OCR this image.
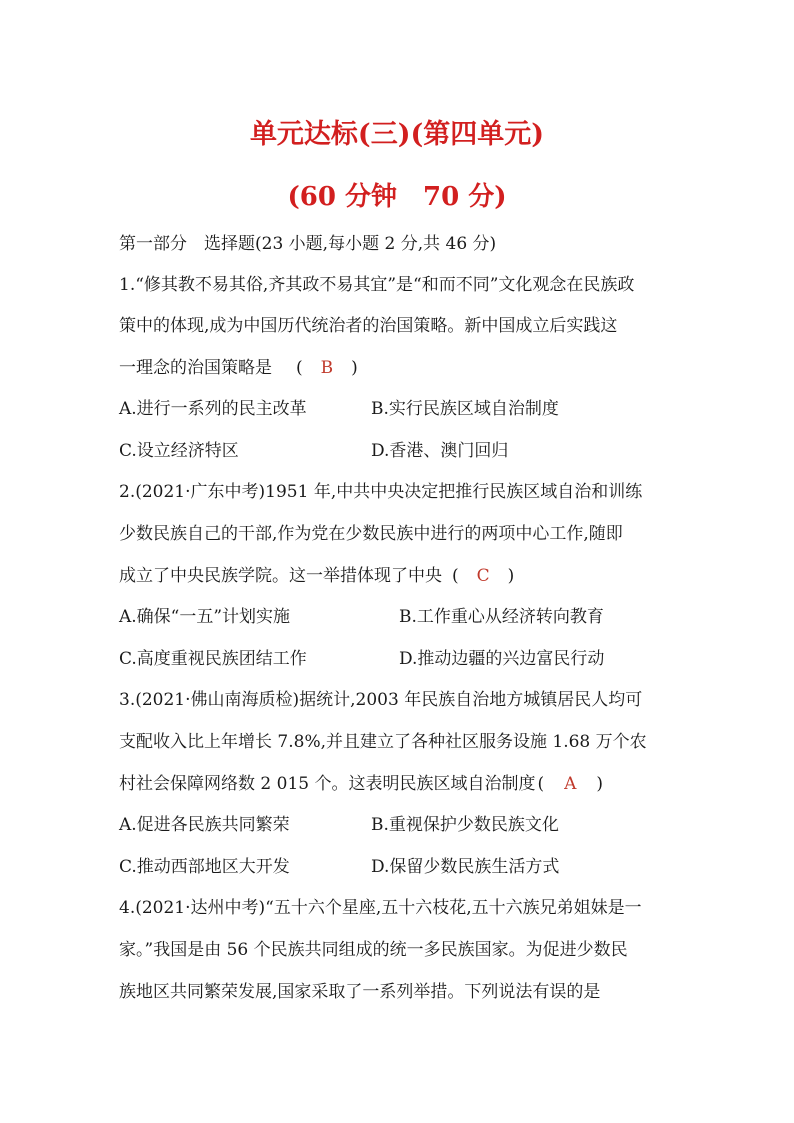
单元达标(三)(第四单元)
(60 分钟　70 分)
第一部分　选择题(23 小题,每小题 2 分,共 46 分)
1.“修其教不易其俗,齐其政不易其宜”是“和而不同”文化观念在民族政
策中的体现,成为中国历代统治者的治国策略。新中国成立后实践这
一理念的治国策略是 ( B )
A.进行一系列的民主改革	B.实行民族区域自治制度
C.设立经济特区	D.香港、澳门回归
2.(2021·广东中考)1951 年,中共中央决定把推行民族区域自治和训练
少数民族自己的干部,作为党在少数民族中进行的两项中心工作,随即
成立了中央民族学院。这一举措体现了中央 ( C )
A.确保“一五”计划实施	B.工作重心从经济转向教育
C.高度重视民族团结工作	D.推动边疆的兴边富民行动
3.(2021·佛山南海质检)据统计,2003 年民族自治地方城镇居民人均可
支配收入比上年增长 7.8%,并且建立了各种社区服务设施 1.68 万个农
村社会保障网络数 2 015 个。这表明民族区域自治制度 ( A )
A.促进各民族共同繁荣	B.重视保护少数民族文化
C.推动西部地区大开发	D.保留少数民族生活方式
4.(2021·达州中考)“五十六个星座,五十六枝花,五十六族兄弟姐妹是一
家。”我国是由 56 个民族共同组成的统一多民族国家。为促进少数民
族地区共同繁荣发展,国家采取了一系列举措。下列说法有误的是
